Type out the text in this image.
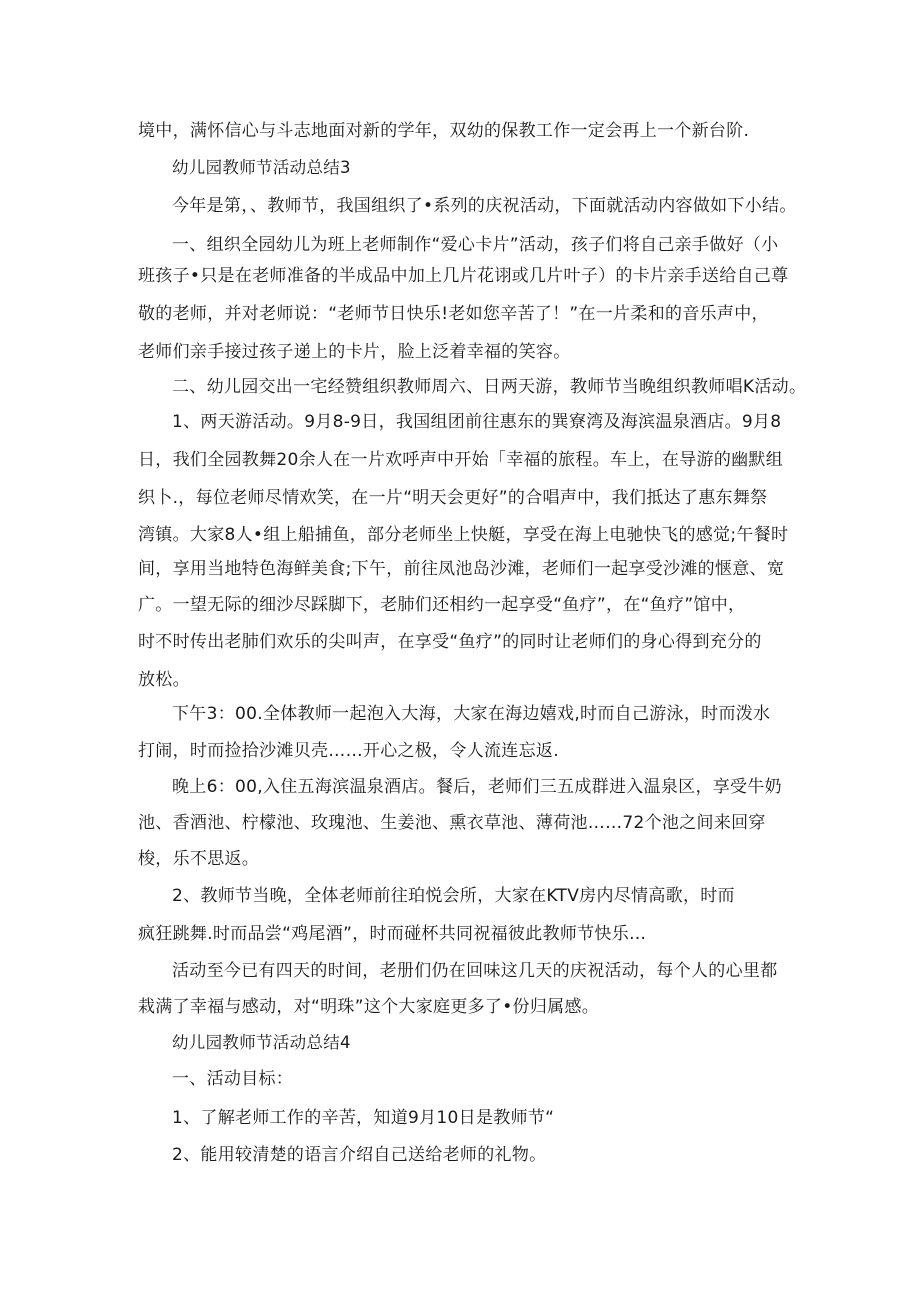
境中，满怀信心与斗志地面对新的学年，双幼的保教工作一定会再上一个新台阶.
幼儿园教师节活动总结3
今年是第，、教师节，我国组织了•系列的庆祝活动，下面就活动内容做如下小结。
一、组织全园幼儿为班上老师制作“爱心卡片”活动，孩子们将自己亲手做好（小
班孩子•只是在老师准备的半成品中加上几片花诩或几片叶子）的卡片亲手送给自己尊
敬的老师，并对老师说：“老师节日快乐!老如您辛苦了！”在一片柔和的音乐声中，
老师们亲手接过孩子递上的卡片，脸上泛着幸福的笑容。
二、幼儿园交出一宅经赞组织教师周六、日两天游，教师节当晚组织教师唱K活动。
1、两天游活动。9月8-9日，我国组团前往惠东的巽寮湾及海滨温泉酒店。9月8
日，我们全园教舞20余人在一片欢呼声中开始「幸福的旅程。车上，在导游的幽默组
织卜.，每位老师尽情欢笑，在一片“明天会更好”的合唱声中，我们抵达了惠东舞祭
湾镇。大家8人•组上船捕鱼，部分老师坐上快艇，享受在海上电驰快飞的感觉;午餐时
间，享用当地特色海鲜美食;下午，前往凤池岛沙滩，老师们一起享受沙滩的惬意、宽
广。一望无际的细沙尽踩脚下，老肺们还相约一起享受“鱼疗”，在“鱼疗”馆中，
时不时传出老肺们欢乐的尖叫声，在享受“鱼疗”的同时让老师们的身心得到充分的
放松。
下午3：00.全体教师一起泡入大海，大家在海边嬉戏,时而自己游泳，时而泼水
打闹，时而捡拾沙滩贝壳……开心之极，令人流连忘返.
晚上6：00,入住五海滨温泉酒店。餐后，老师们三五成群进入温泉区，享受牛奶
池、香酒池、柠檬池、玫瑰池、生姜池、熏衣草池、薄荷池……72个池之间来回穿
梭，乐不思返。
2、教师节当晚，全体老师前往珀悦会所，大家在KTV房内尽情高歌，时而
疯狂跳舞.时而品尝“鸡尾酒”，时而碰杯共同祝福彼此教师节快乐…
活动至今已有四天的时间，老册们仍在回味这几天的庆祝活动，每个人的心里都
栽满了幸福与感动，对“明珠”这个大家庭更多了•份归属感。
幼儿园教师节活动总结4
一、活动目标：
1、了解老师工作的辛苦，知道9月10日是教师节“
2、能用较清楚的语言介绍自己送给老师的礼物。
